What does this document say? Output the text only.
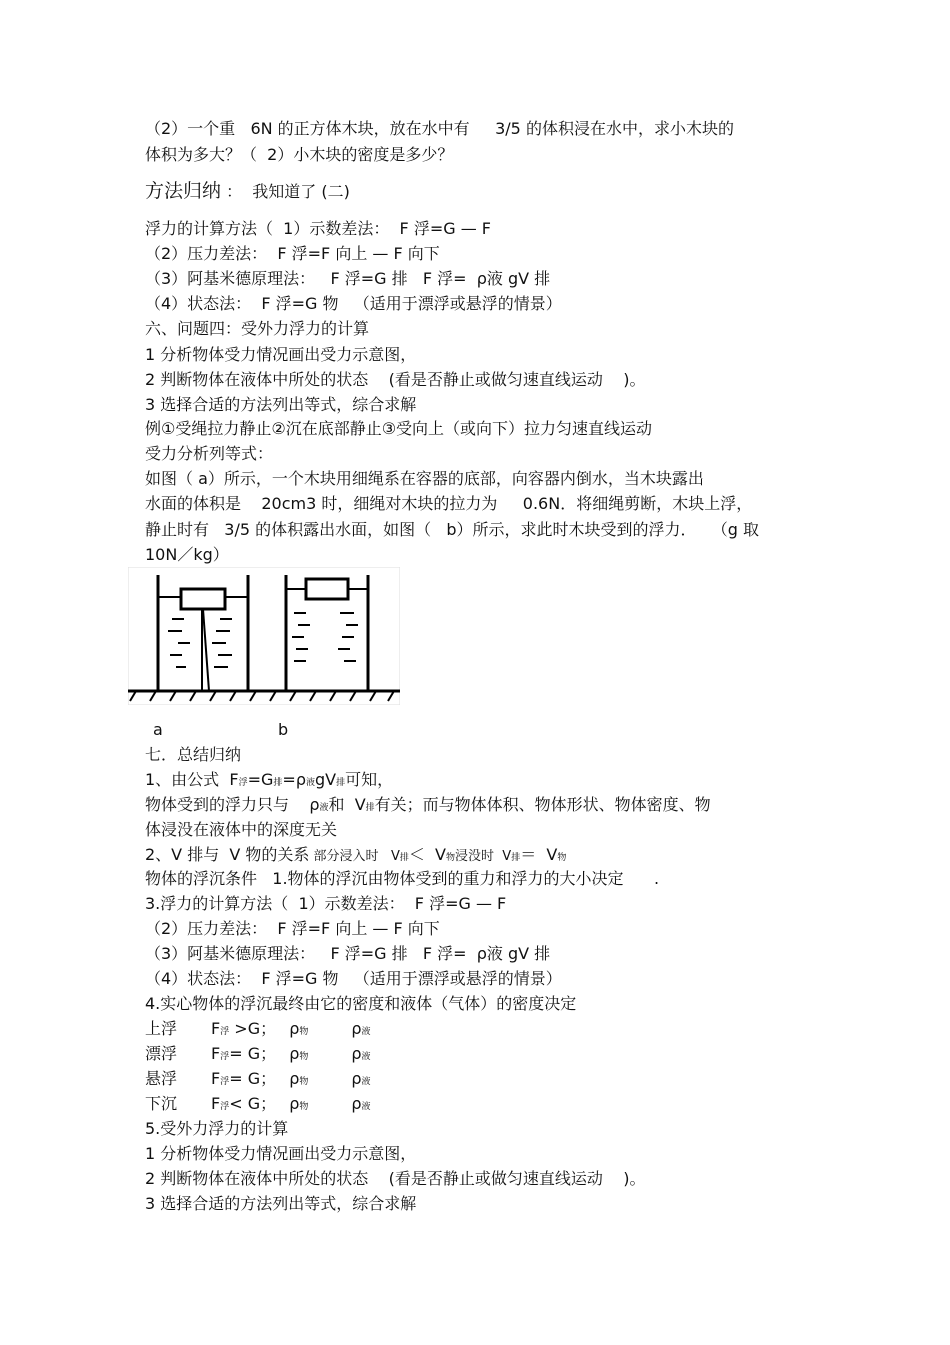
（2）一个重   6N 的正方体木块，放在水中有     3/5 的体积浸在水中，求小木块的
体积为多大？（  2）小木块的密度是多少？
方法归纳 ：  我知道了 (二)
浮力的计算方法（  1）示数差法：  F 浮=G — F
（2）压力差法：  F 浮=F 向上 — F 向下
（3）阿基米德原理法：   F 浮=G 排   F 浮=  ρ液 gV 排
（4）状态法：  F 浮=G 物   （适用于漂浮或悬浮的情景）
六、问题四：受外力浮力的计算
1 分析物体受力情况画出受力示意图，
2 判断物体在液体中所处的状态    (看是否静止或做匀速直线运动    )。
3 选择合适的方法列出等式，综合求解
例①受绳拉力静止②沉在底部静止③受向上（或向下）拉力匀速直线运动
受力分析列等式：
如图（ a）所示，一个木块用细绳系在容器的底部，向容器内倒水，当木块露出
水面的体积是    20cm3 时，细绳对木块的拉力为     0.6N．将细绳剪断，木块上浮，
静止时有   3/5 的体积露出水面，如图（   b）所示，求此时木块受到的浮力．   （g 取
10N／kg）
a	b
七．总结归纳
1、由公式  F浮=G排=ρ液gV排可知，
物体受到的浮力只与    ρ液和  V排有关；而与物体体积、物体形状、物体密度、物
体浸没在液体中的深度无关
2、V 排与  V 物的关系 部分浸入时   V排＜  V物浸没时  V排＝  V物
物体的浮沉条件   1.物体的浮沉由物体受到的重力和浮力的大小决定      .
3.浮力的计算方法（  1）示数差法：  F 浮=G — F
（2）压力差法：  F 浮=F 向上 — F 向下
（3）阿基米德原理法：   F 浮=G 排   F 浮=  ρ液 gV 排
（4）状态法：  F 浮=G 物   （适用于漂浮或悬浮的情景）
4.实心物体的浮沉最终由它的密度和液体（气体）的密度决定
上浮 F浮 >G； ρ物	ρ液
漂浮 F浮= G； ρ物	ρ液
悬浮 F浮= G； ρ物	ρ液
下沉 F浮< G； ρ物	ρ液
5.受外力浮力的计算
1 分析物体受力情况画出受力示意图，
2 判断物体在液体中所处的状态    (看是否静止或做匀速直线运动    )。
3 选择合适的方法列出等式，综合求解
